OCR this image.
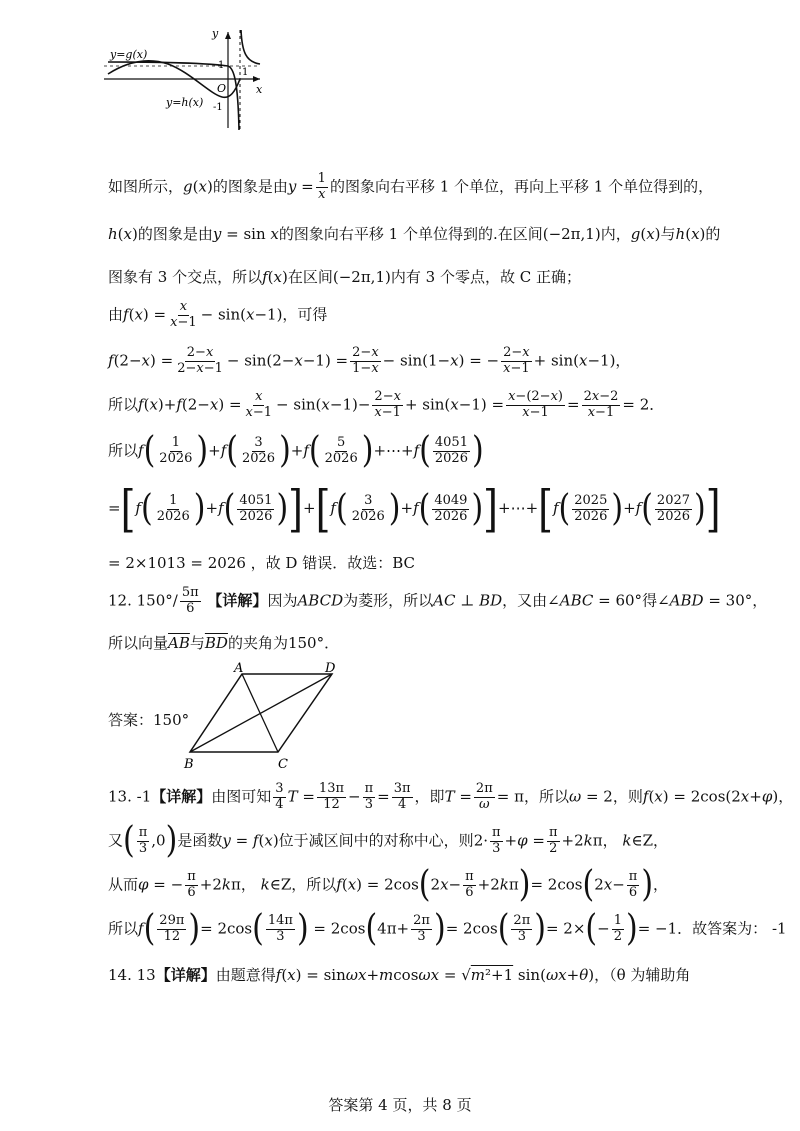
y=g(x)
y=h(x)
y
x
O
1
1
-1
如图所示，g(x)的图象是由$y = \frac{1}{x}$ 的图象向右平移 1 个单位，再向上平移 1 个单位得到的，
h(x)的图象是由y = sin x的图象向右平移 1 个单位得到的.在区间(−2π,1)内，g(x)与h(x)的
图象有 3 个交点，所以f(x)在区间(−2π,1)内有 3 个零点，故 C 正确；
由$f(x) = \frac{x}{x-1} - \sin(x-1)$，可得
$f(2-x) = \frac{2-x}{2-x-1} - \sin(2-x-1) = \frac{2-x}{1-x} - \sin(1-x)$ = − $\frac{2-x}{x-1} + \sin(x-1)$，
所以$f(x)+f(2-x) = \frac{x}{x-1} - \sin(x-1)- \frac{2-x}{x-1} + \sin(x-1) = \frac{x-(2-x)}{x-1} = \frac{2x-2}{x-1} = 2$．
所以$f( \frac{1}{2026} )+f( \frac{3}{2026} )+f( \frac{5}{2026}$ )+⋯+f( $\frac{4051}{2026}$ )
$=[f( \frac{1}{2026} )+f( \frac{4051}{2026} )]+[f( \frac{3}{2026} )+f( \frac{4049}{2026}$ )]+⋯+[f( $\frac{2025}{2026} )+f( \frac{2027}{2026}$ )]
= 2×1013 = 2026 ，故 D 错误．故选：BC
12. $150^\circ/ \frac{5\pi}{6}$ 【详解】因为ABCD为菱形，所以AC ⊥ BD，又由∠ABC = 60°得∠ABD = 30°，
所以向量$\overline{AB}$与$\overline{BD}$的夹角为150°．
A	D
B	C
答案：150°
13. -1【详解】由图可知 $\frac{3}{4}$ $T = \frac{13\pi}{12} - \frac{\pi}{3} = \frac{3\pi}{4}$ ，即$T = \frac{2\pi}{\omega} = \pi$，所以ω = 2，则f(x) = 2cos(2x+φ)，
又( $\frac{\pi}{3} ,0$)是函数y = f(x)位于减区间中的对称中心，则$2\cdot \frac{\pi}{3} +\varphi = \frac{\pi}{2} +2k\pi$， k∈Z，
从而φ = − $\frac{\pi}{6} +2k\pi$， k∈Z，所以$f(x) = 2\cos(2x- \frac{\pi}{6} +2k\pi)= 2\cos(2x- \frac{\pi}{6}$ )，
所以$f( \frac{29\pi}{12}$ )= $2\cos( \frac{14\pi}{3}$ ) = $2\cos(4\pi+ \frac{2\pi}{3}$ )= $2\cos( \frac{2\pi}{3}$ )= $2\times(- \frac{1}{2}$ )= −1．故答案为： -1
14. 13【详解】由题意得f(x) = sinωx+mcosωx = √m²+1 sin(ωx+θ)，（θ 为辅助角
答案第 4 页，共 8 页
